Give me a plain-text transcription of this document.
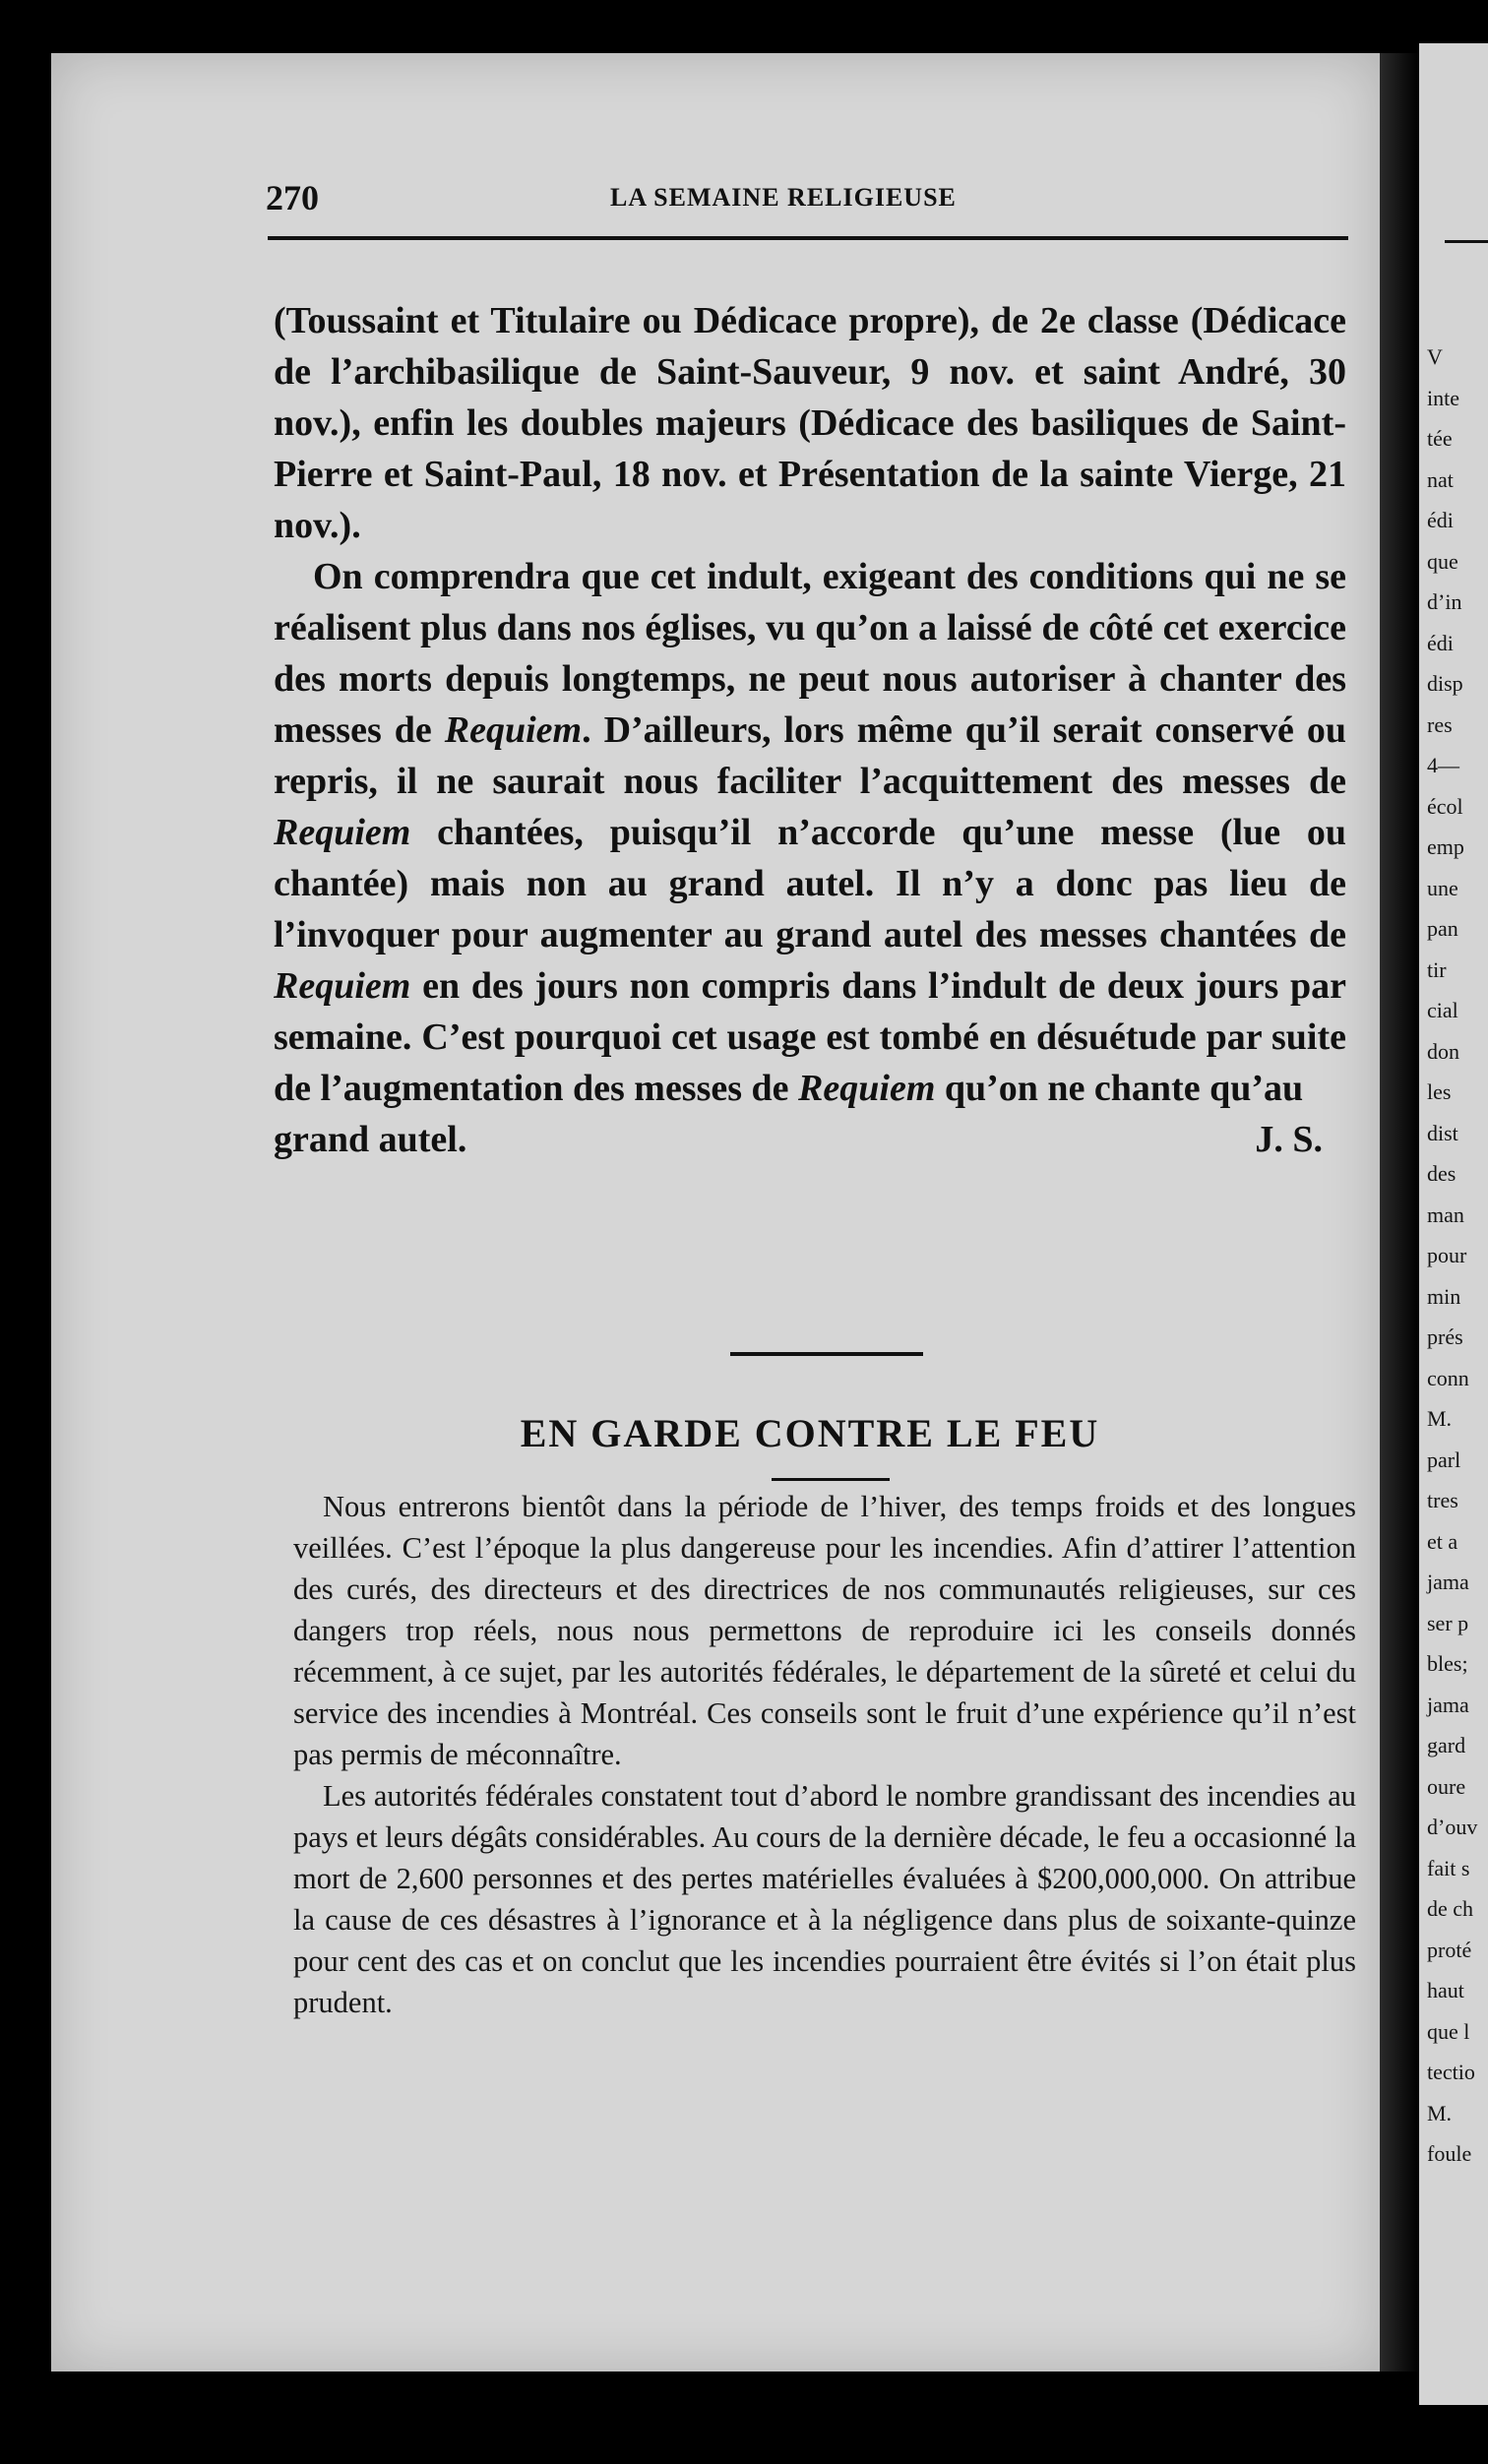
V
inte
tée
nat
édi
que
d’in
édi
disp
res
4—
écol
emp
une
pan
tir
cial
don
les
dist
des
man
pour
min
prés
conn
M.
parl
tres
et a
jama
ser p
bles;
jama
gard
oure
d’ouv
fait s
de ch
proté
haut
que l
tectio
M.
foule
270	LA SEMAINE RELIGIEUSE

(Toussaint et Titulaire ou Dédicace propre), de 2e classe (Dédicace de l’archibasilique de Saint-Sauveur, 9 nov. et saint André, 30 nov.), enfin les doubles majeurs (Dédicace des basiliques de Saint-Pierre et Saint-Paul, 18 nov. et Présentation de la sainte Vierge, 21 nov.).

On comprendra que cet indult, exigeant des conditions qui ne se réalisent plus dans nos églises, vu qu’on a laissé de côté cet exercice des morts depuis longtemps, ne peut nous autoriser à chanter des messes de Requiem. D’ailleurs, lors même qu’il serait conservé ou repris, il ne saurait nous faciliter l’acquittement des messes de Requiem chantées, puisqu’il n’accorde qu’une messe (lue ou chantée) mais non au grand autel. Il n’y a donc pas lieu de l’invoquer pour augmenter au grand autel des messes chantées de Requiem en des jours non compris dans l’indult de deux jours par semaine. C’est pourquoi cet usage est tombé en désuétude par suite de l’augmentation des messes de Requiem qu’on ne chante qu’au

grand autel.	J. S.
EN GARDE CONTRE LE FEU

Nous entrerons bientôt dans la période de l’hiver, des temps froids et des longues veillées. C’est l’époque la plus dangereuse pour les incendies. Afin d’attirer l’attention des curés, des directeurs et des directrices de nos communautés religieuses, sur ces dangers trop réels, nous nous permettons de reproduire ici les conseils donnés récemment, à ce sujet, par les autorités fédérales, le département de la sûreté et celui du service des incendies à Montréal. Ces conseils sont le fruit d’une expérience qu’il n’est pas permis de méconnaître.

Les autorités fédérales constatent tout d’abord le nombre grandissant des incendies au pays et leurs dégâts considérables. Au cours de la dernière décade, le feu a occasionné la mort de 2,600 personnes et des pertes matérielles évaluées à $200,000,000. On attribue la cause de ces désastres à l’ignorance et à la négligence dans plus de soixante-quinze pour cent des cas et on conclut que les incendies pourraient être évités si l’on était plus prudent.
